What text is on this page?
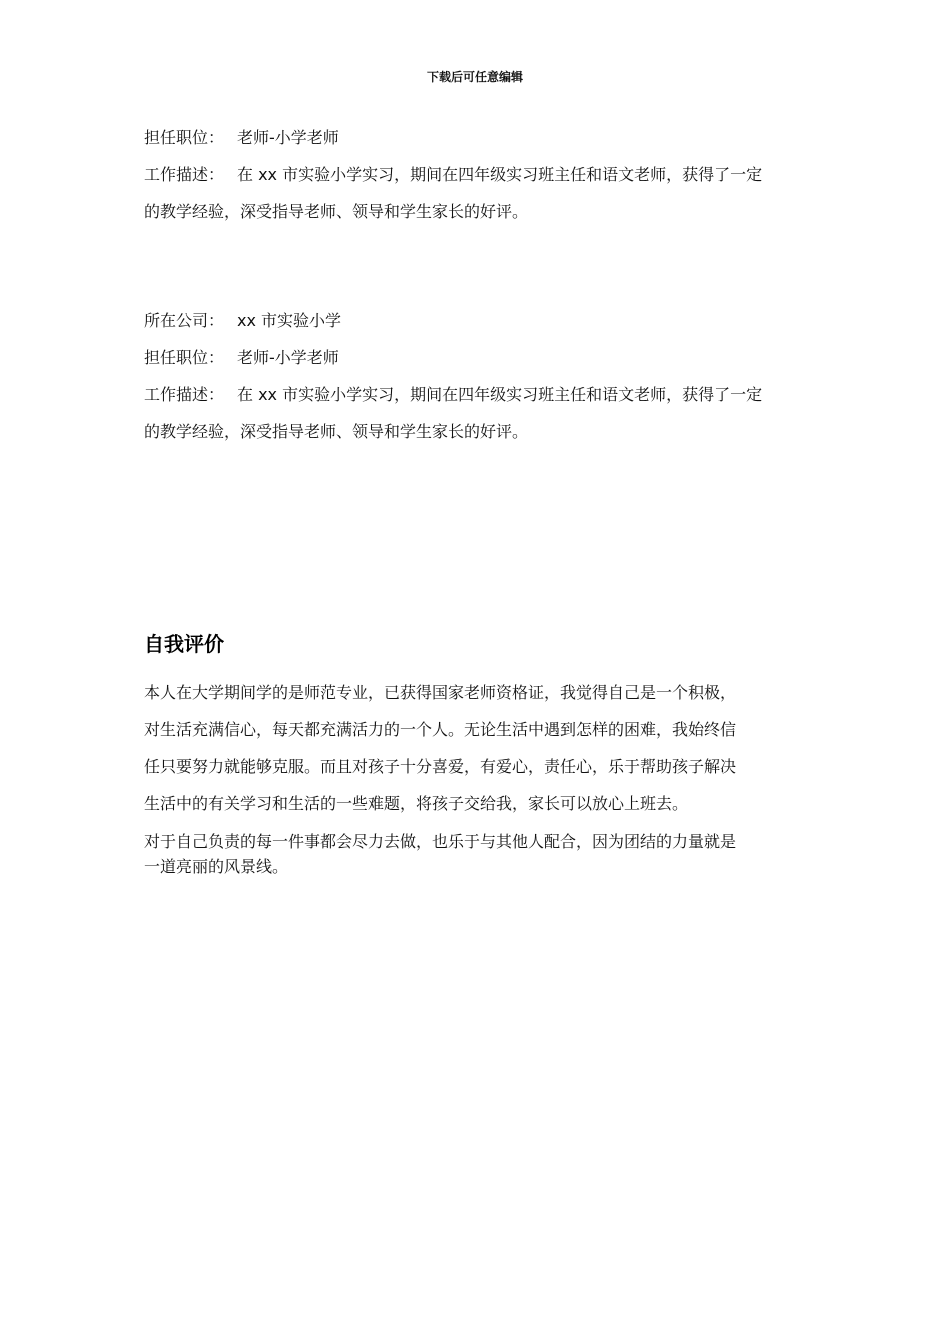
下载后可任意编辑
担任职位： 老师-小学老师
工作描述： 在 xx 市实验小学实习，期间在四年级实习班主任和语文老师，获得了一定
的教学经验，深受指导老师、领导和学生家长的好评。
所在公司： xx 市实验小学
担任职位： 老师-小学老师
工作描述： 在 xx 市实验小学实习，期间在四年级实习班主任和语文老师，获得了一定
的教学经验，深受指导老师、领导和学生家长的好评。
自我评价
本人在大学期间学的是师范专业，已获得国家老师资格证，我觉得自己是一个积极，
对生活充满信心，每天都充满活力的一个人。无论生活中遇到怎样的困难，我始终信
任只要努力就能够克服。而且对孩子十分喜爱，有爱心，责任心，乐于帮助孩子解决
生活中的有关学习和生活的一些难题，将孩子交给我，家长可以放心上班去。
对于自己负责的每一件事都会尽力去做，也乐于与其他人配合，因为团结的力量就是
一道亮丽的风景线。
